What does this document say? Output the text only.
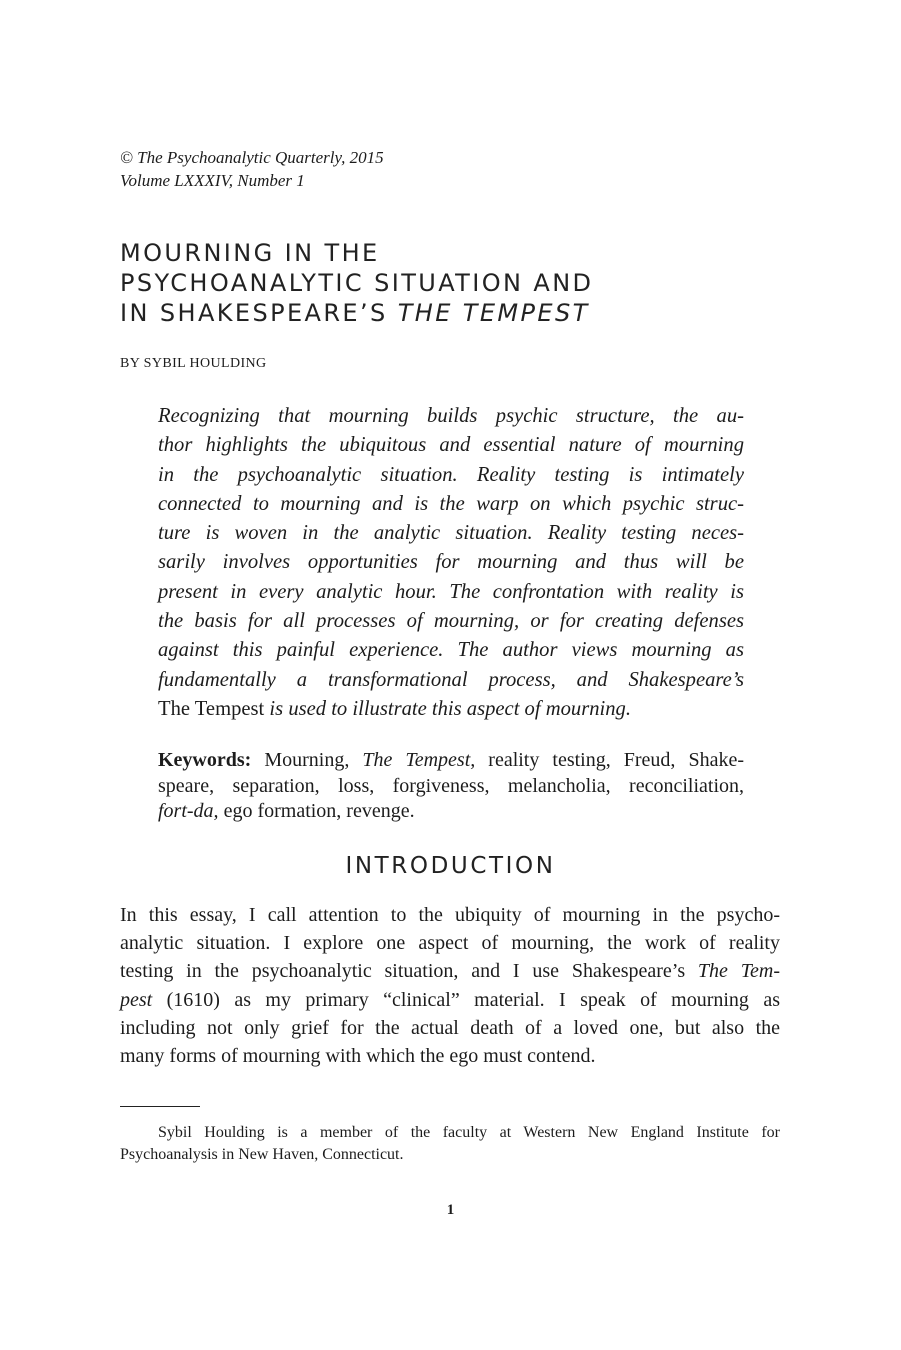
© The Psychoanalytic Quarterly, 2015
Volume LXXXIV, Number 1
MOURNING IN THE
PSYCHOANALYTIC SITUATION AND
IN SHAKESPEARE’S THE TEMPEST
BY SYBIL HOULDING
Recognizing that mourning builds psychic structure, the au-
thor highlights the ubiquitous and essential nature of mourning
in the psychoanalytic situation. Reality testing is intimately
connected to mourning and is the warp on which psychic struc-
ture is woven in the analytic situation. Reality testing neces-
sarily involves opportunities for mourning and thus will be
present in every analytic hour. The confrontation with reality is
the basis for all processes of mourning, or for creating defenses
against this painful experience. The author views mourning as
fundamentally a transformational process, and Shakespeare’s
The Tempest is used to illustrate this aspect of mourning.
Keywords: Mourning, The Tempest, reality testing, Freud, Shake-
speare, separation, loss, forgiveness, melancholia, reconciliation,
fort-da, ego formation, revenge.
INTRODUCTION
In this essay, I call attention to the ubiquity of mourning in the psycho-
analytic situation. I explore one aspect of mourning, the work of reality
testing in the psychoanalytic situation, and I use Shakespeare’s The Tem-
pest (1610) as my primary “clinical” material. I speak of mourning as
including not only grief for the actual death of a loved one, but also the
many forms of mourning with which the ego must contend.
Sybil Houlding is a member of the faculty at Western New England Institute for
Psychoanalysis in New Haven, Connecticut.
1
